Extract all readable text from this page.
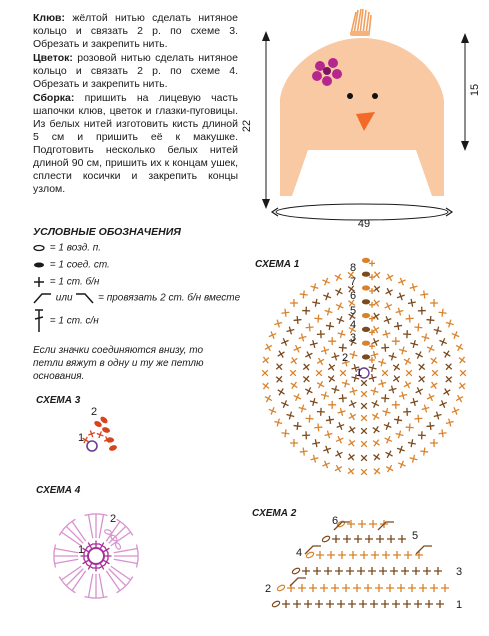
Клюв: жёлтой нитью сделать нитяное кольцо и связать 2 р. по схеме 3. Обрезать и закрепить нить.

Цветок: розовой нитью сделать нитяное кольцо и связать 2 р. по схеме 4. Обрезать и закрепить нить.

Сборка: пришить на лицевую часть шапочки клюв, цветок и глазки-пуговицы. Из белых нитей изготовить кисть длиной 5 см и пришить её к макушке. Подготовить несколько белых нитей длиной 90 см, пришить их к концам ушек, сплести косички и закрепить концы узлом.

УСЛОВНЫЕ ОБОЗНАЧЕНИЯ
= 1 возд. п.
= 1 соед. ст.
= 1 ст. б/н
или	= провязать 2 ст. б/н вместе
= 1 ст. с/н
Если значки соединяются внизу, то петли вяжут в одну и ту же петлю основания.
СХЕМА 1
СХЕМА 2
СХЕМА 3
СХЕМА 4
22
15
49
1
2
3
4
5
6
7
8
1
2
3
4
5
6
1
2
1
2
